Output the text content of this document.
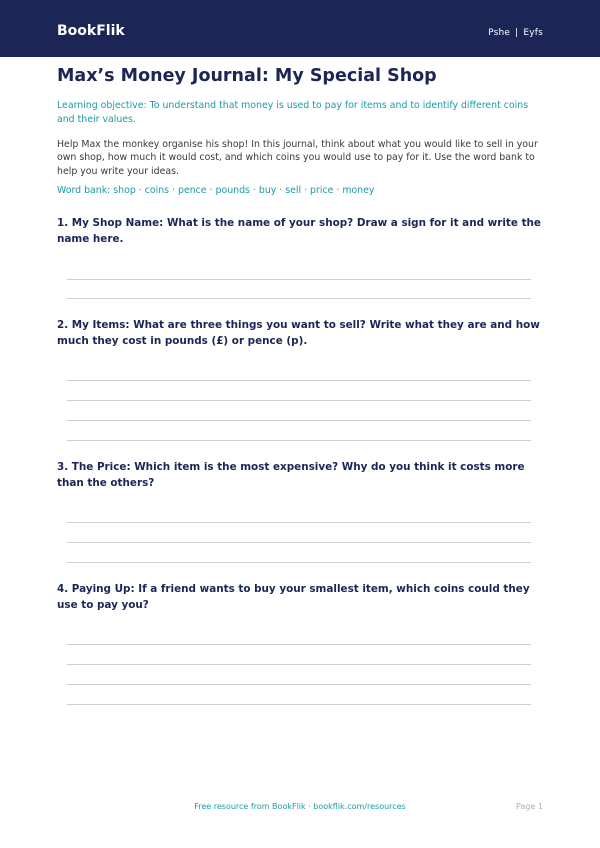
BookFlik	Pshe | Eyfs
Max’s Money Journal: My Special Shop

Learning objective: To understand that money is used to pay for items and to identify different coins and their values.

Help Max the monkey organise his shop! In this journal, think about what you would like to sell in your own shop, how much it would cost, and which coins you would use to pay for it. Use the word bank to help you write your ideas.

Word bank: shop · coins · pence · pounds · buy · sell · price · money

1. My Shop Name: What is the name of your shop? Draw a sign for it and write the name here.
2. My Items: What are three things you want to sell? Write what they are and how much they cost in pounds (£) or pence (p).
3. The Price: Which item is the most expensive? Why do you think it costs more than the others?
4. Paying Up: If a friend wants to buy your smallest item, which coins could they use to pay you?
Free resource from BookFlik · bookflik.com/resources	Page 1
